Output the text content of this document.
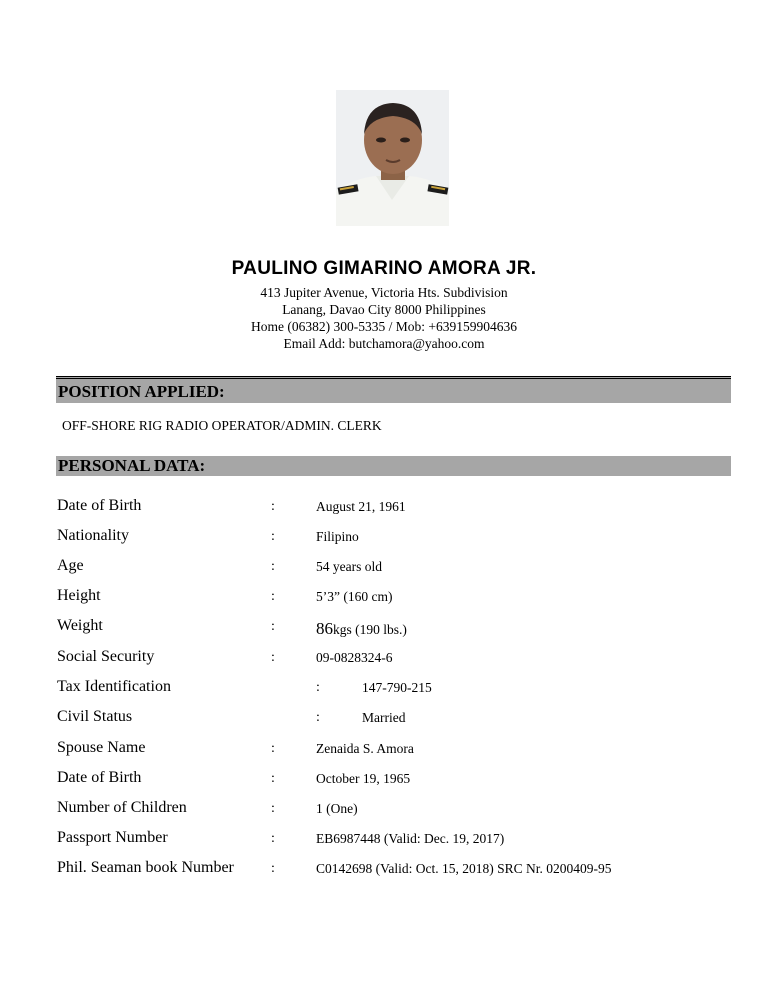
PAULINO GIMARINO AMORA JR.
413 Jupiter Avenue, Victoria Hts. Subdivision
Lanang, Davao City 8000 Philippines
Home (06382) 300-5335 / Mob: +639159904636
Email Add: butchamora@yahoo.com
POSITION APPLIED:
OFF-SHORE RIG RADIO OPERATOR/ADMIN. CLERK
PERSONAL DATA:
Date of Birth	:	August 21, 1961
Nationality	:	Filipino
Age	:	54 years old
Height	:	5’3” (160 cm)
Weight	: 86kgs (190 lbs.)
Social Security	:	09-0828324-6
Tax Identification	:	147-790-215
Civil Status	:	Married
Spouse Name	:	Zenaida S. Amora
Date of Birth	:	October 19, 1965
Number of Children	:	1 (One)
Passport Number	:	EB6987448 (Valid: Dec. 19, 2017)
Phil. Seaman book Number	:	C0142698 (Valid: Oct. 15, 2018) SRC Nr. 0200409-95
